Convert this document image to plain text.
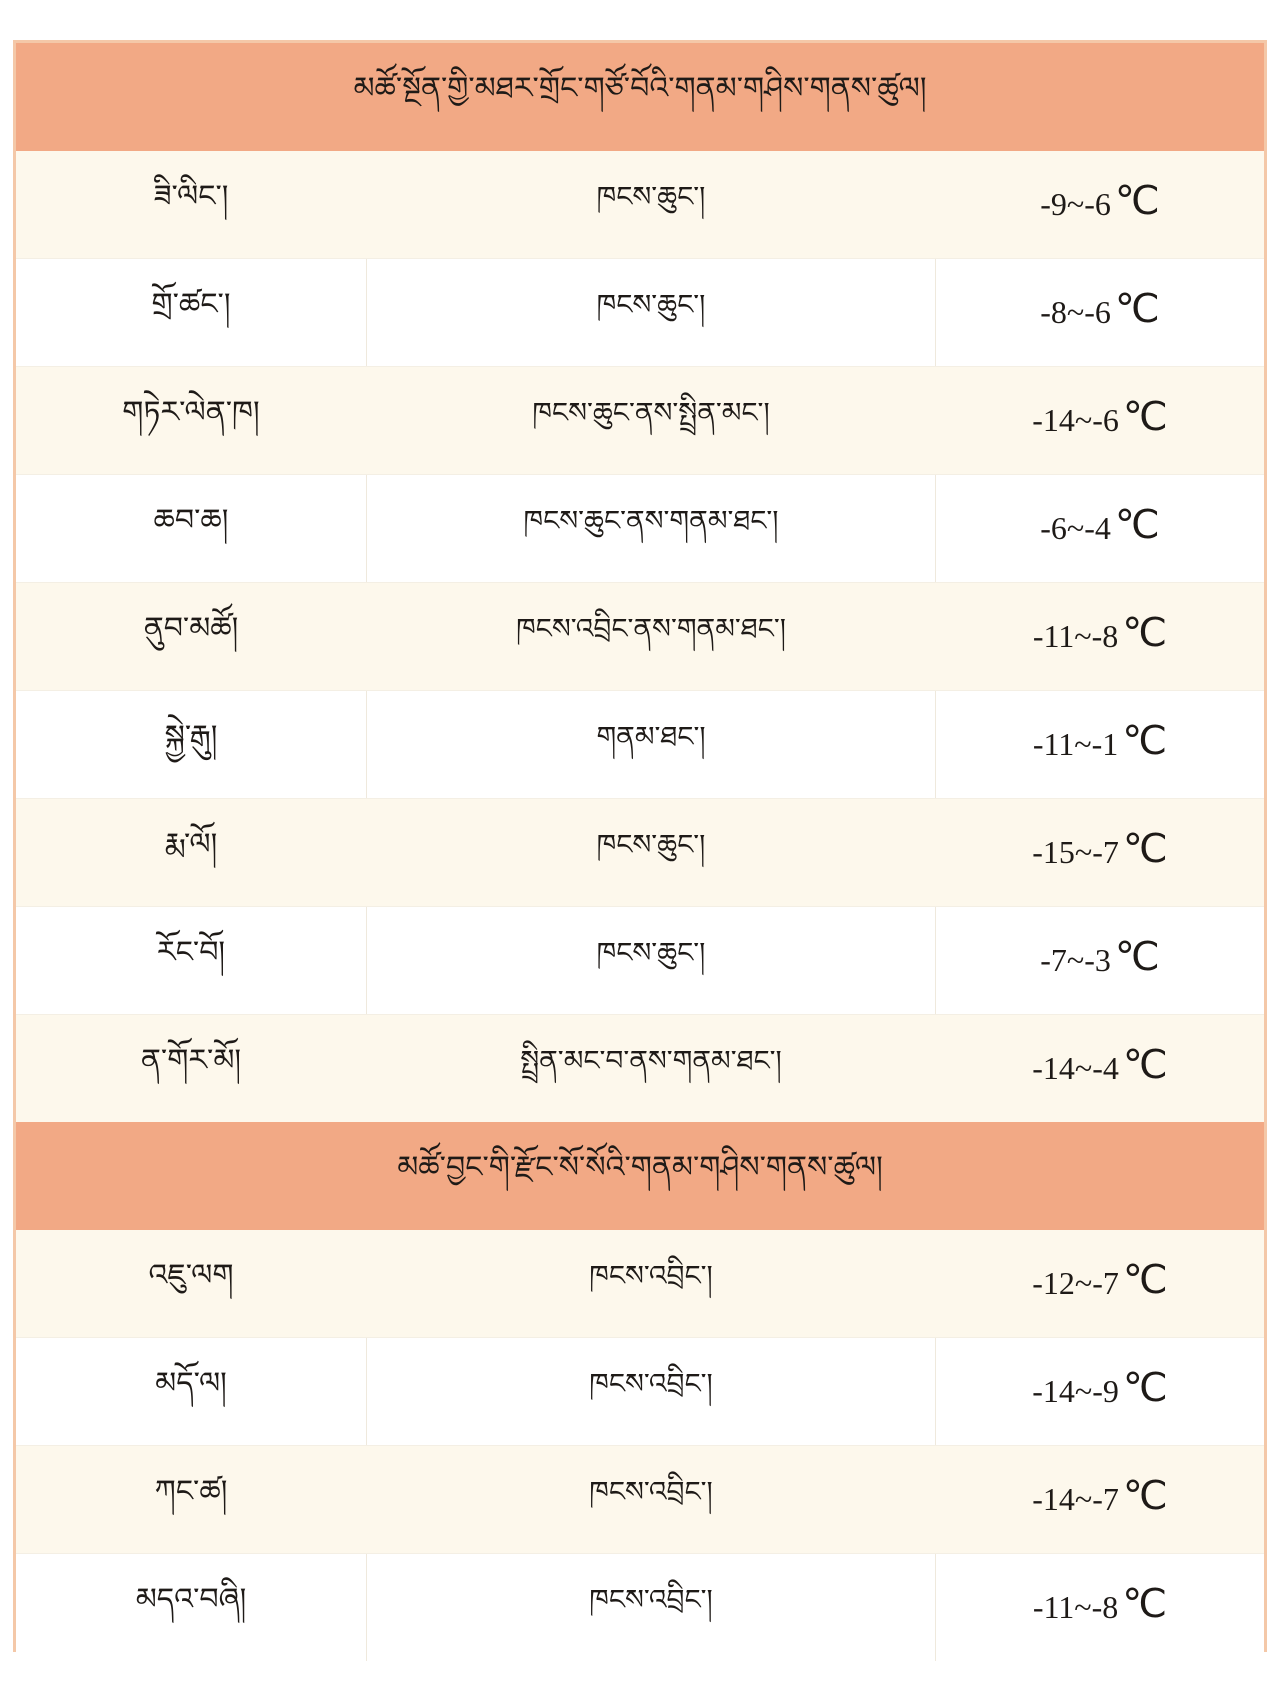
མཚོ་སྔོན་གྱི་མཐར་གྲོང་གཙོ་བོའི་གནམ་གཤིས་གནས་ཚུལ།
ཟི་ལིང་།	ཁངས་ཆུང་།	-9~-6 ℃
གྲོ་ཚང་།	ཁངས་ཆུང་།	-8~-6 ℃
གཏེར་ལེན་ཁ།	ཁངས་ཆུང་ནས་སྤྲིན་མང་།	-14~-6 ℃
ཆབ་ཆ།	ཁངས་ཆུང་ནས་གནམ་ཐང་།	-6~-4 ℃
ནུབ་མཚོ།	ཁངས་འབྲིང་ནས་གནམ་ཐང་།	-11~-8 ℃
སྐྱེ་རྒུ།	གནམ་ཐང་།	-11~-1 ℃
རྨ་ལོ།	ཁངས་ཆུང་།	-15~-7 ℃
རོང་བོ།	ཁངས་ཆུང་།	-7~-3 ℃
ན་གོར་མོ།	སྤྲིན་མང་བ་ནས་གནམ་ཐང་།	-14~-4 ℃
མཚོ་བྱང་གི་རྫོང་སོ་སོའི་གནམ་གཤིས་གནས་ཚུལ།
འཇུ་ལག	ཁངས་འབྲིང་།	-12~-7 ℃
མདོ་ལ།	ཁངས་འབྲིང་།	-14~-9 ℃
ཀང་ཚ།	ཁངས་འབྲིང་།	-14~-7 ℃
མདའ་བཞི།	ཁངས་འབྲིང་།	-11~-8 ℃
